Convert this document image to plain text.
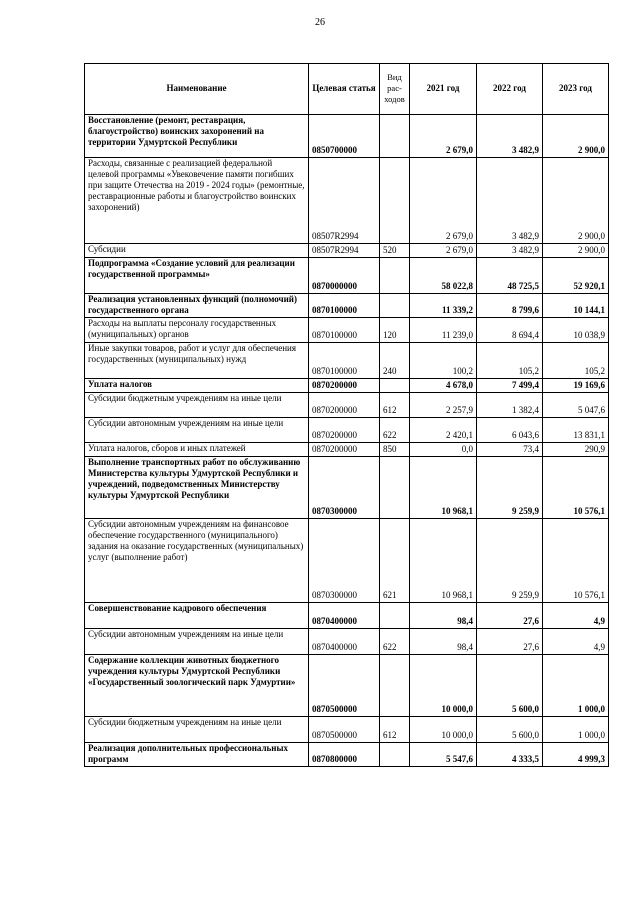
26
Наименование	Целевая статья	Вид рас-ходов	2021 год	2022 год	2023 год
Восстановление (ремонт, реставрация, благоустройство) воинских захоронений на территории Удмуртской Республики	0850700000		2 679,0	3 482,9	2 900,0
Расходы, связанные с реализацией федеральной целевой программы «Увековечение памяти погибших при защите Отечества на 2019 - 2024 годы» (ремонтные, реставрационные работы и благоустройство воинских захоронений)	08507R2994		2 679,0	3 482,9	2 900,0
Субсидии	08507R2994	520	2 679,0	3 482,9	2 900,0
Подпрограмма «Создание условий для реализации государственной программы»	0870000000		58 022,8	48 725,5	52 920,1
Реализация установленных функций (полномочий) государственного органа	0870100000		11 339,2	8 799,6	10 144,1
Расходы на выплаты персоналу государственных (муниципальных) органов	0870100000	120	11 239,0	8 694,4	10 038,9
Иные закупки товаров, работ и услуг для обеспечения государственных (муниципальных) нужд	0870100000	240	100,2	105,2	105,2
Уплата налогов	0870200000		4 678,0	7 499,4	19 169,6
Субсидии бюджетным учреждениям на иные цели	0870200000	612	2 257,9	1 382,4	5 047,6
Субсидии автономным учреждениям на иные цели	0870200000	622	2 420,1	6 043,6	13 831,1
Уплата налогов, сборов и иных платежей	0870200000	850	0,0	73,4	290,9
Выполнение транспортных работ по обслуживанию Министерства культуры Удмуртской Республики и учреждений, подведомственных Министерству культуры Удмуртской Республики	0870300000		10 968,1	9 259,9	10 576,1
Субсидии автономным учреждениям на финансовое обеспечение государственного (муниципального) задания на оказание государственных (муниципальных) услуг (выполнение работ)	0870300000	621	10 968,1	9 259,9	10 576,1
Совершенствование кадрового обеспечения	0870400000		98,4	27,6	4,9
Субсидии автономным учреждениям на иные цели	0870400000	622	98,4	27,6	4,9
Содержание коллекции животных бюджетного учреждения культуры Удмуртской Республики «Государственный зоологический парк Удмуртии»	0870500000		10 000,0	5 600,0	1 000,0
Субсидии бюджетным учреждениям на иные цели	0870500000	612	10 000,0	5 600,0	1 000,0
Реализация дополнительных профессиональных программ	0870800000		5 547,6	4 333,5	4 999,3
